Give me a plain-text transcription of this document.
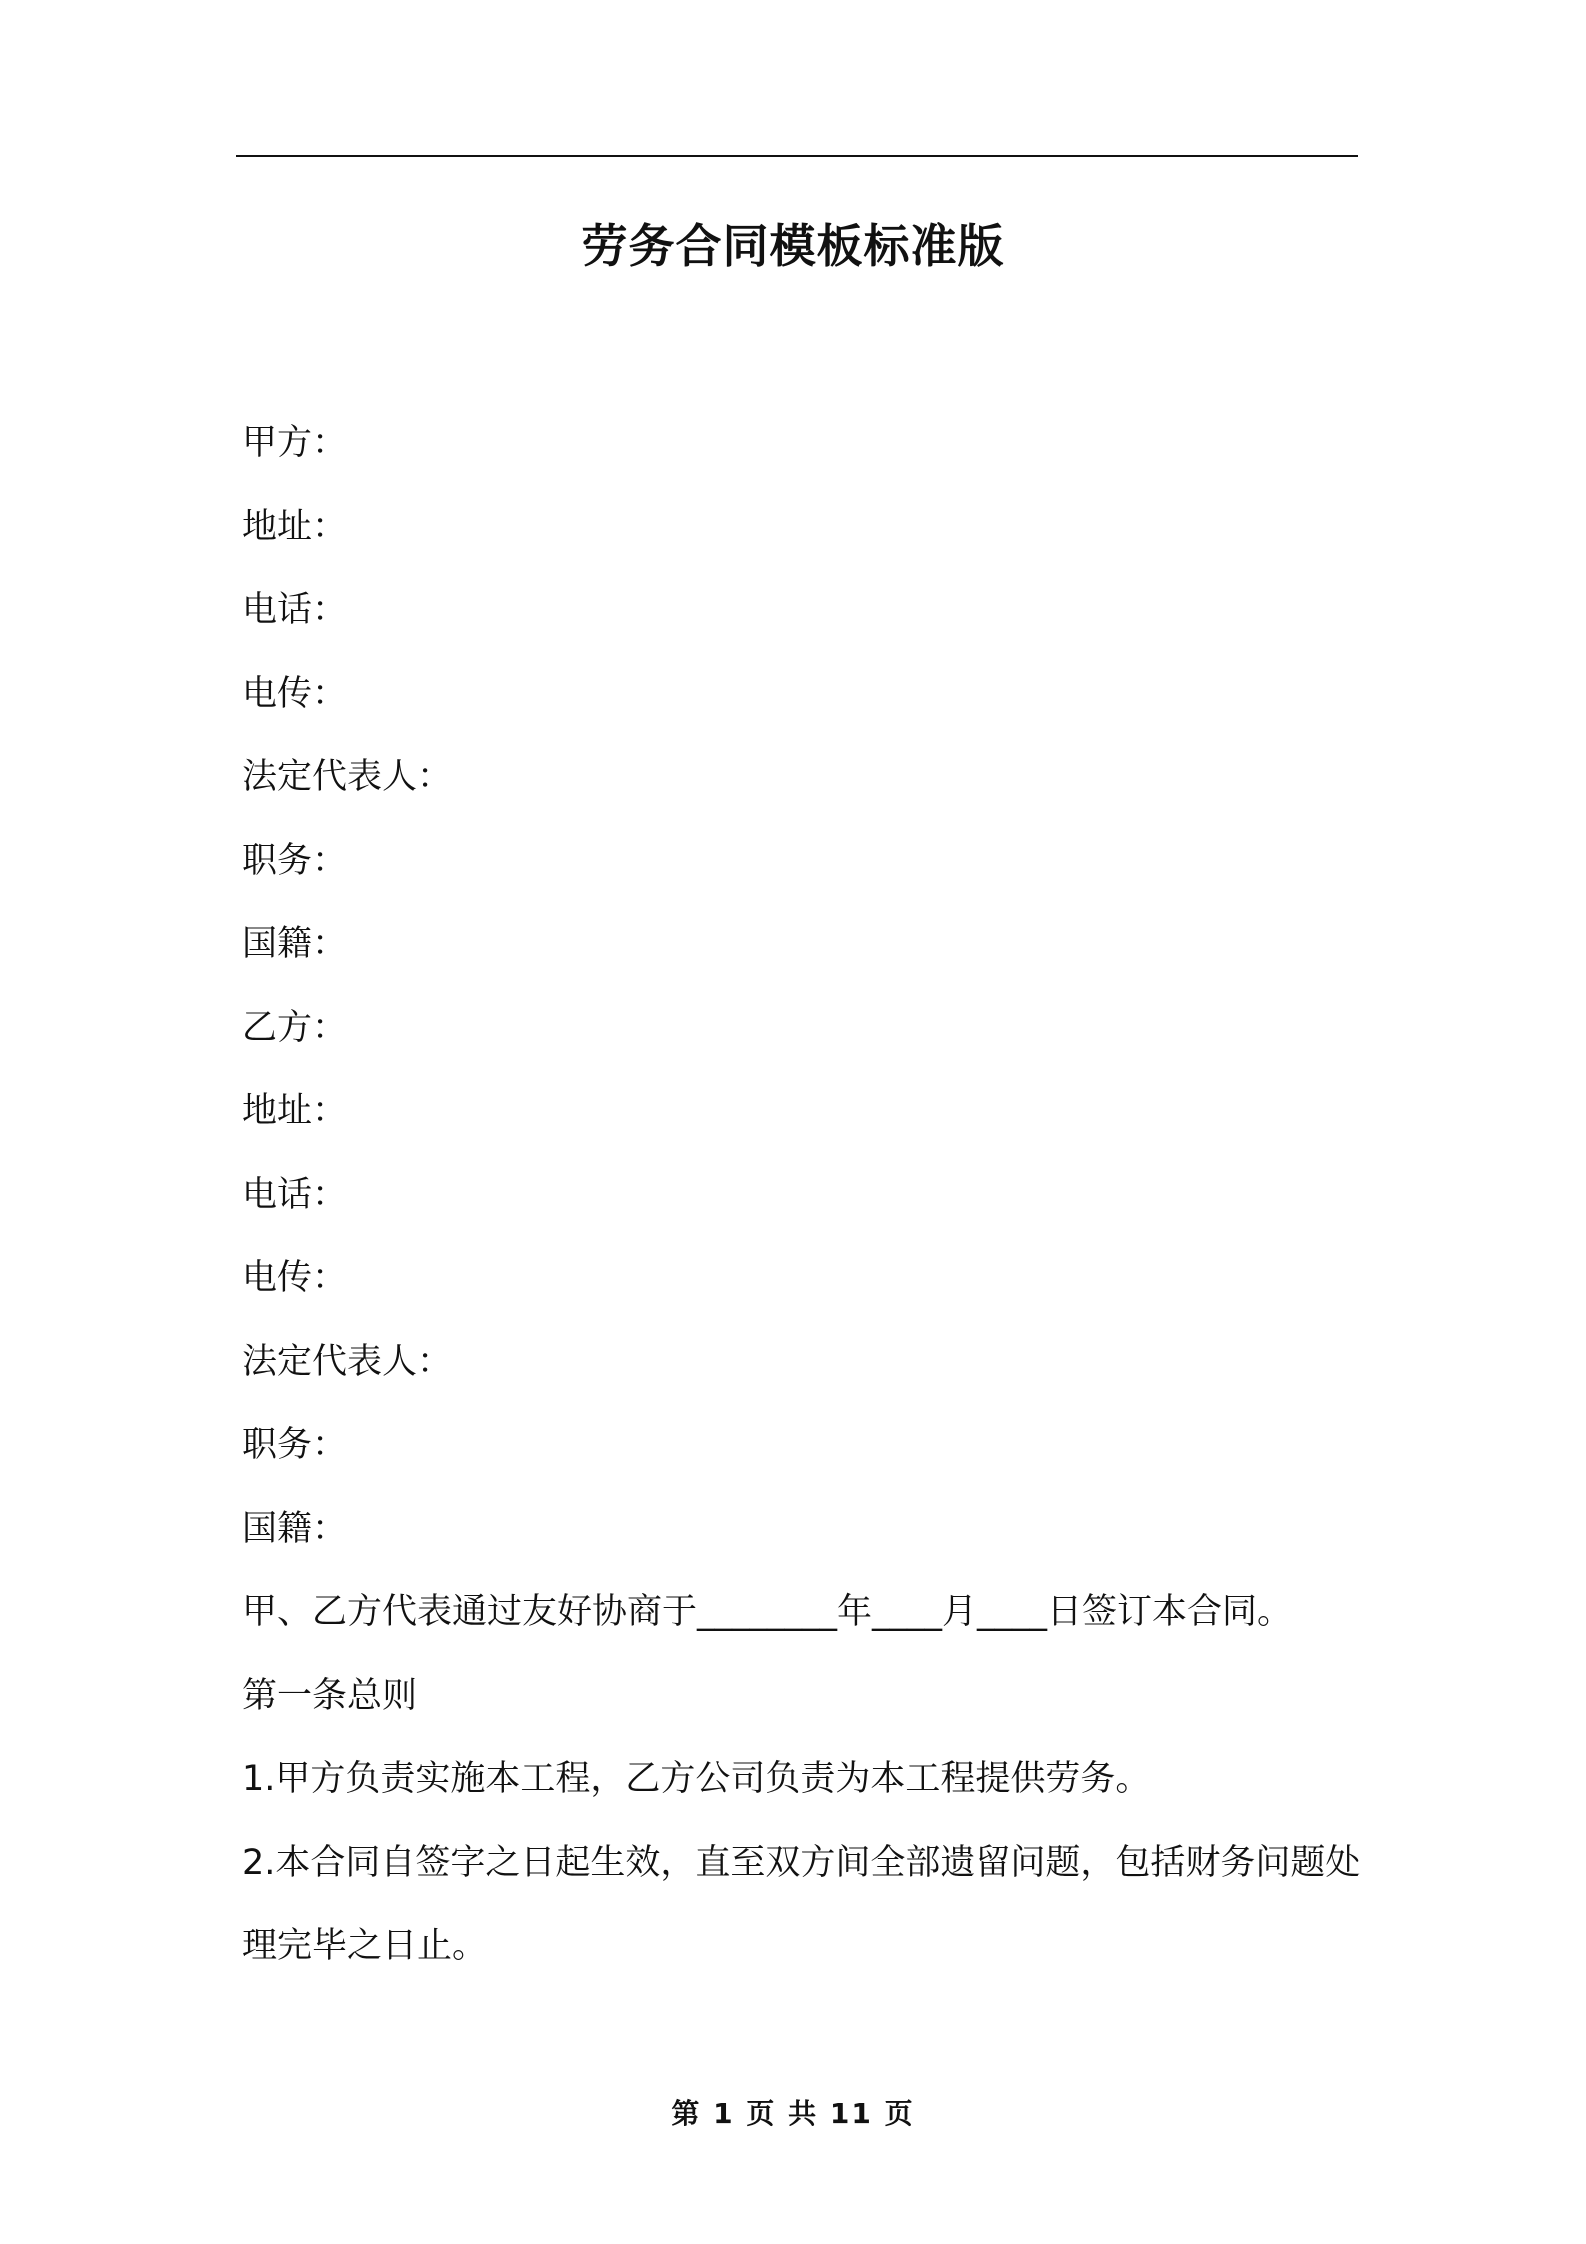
劳务合同模板标准版
甲方：
地址：
电话：
电传：
法定代表人：
职务：
国籍：
乙方：
地址：
电话：
电传：
法定代表人：
职务：
国籍：
甲、乙方代表通过友好协商于________年____月____日签订本合同。
第一条总则
1.甲方负责实施本工程，乙方公司负责为本工程提供劳务。
2.本合同自签字之日起生效，直至双方间全部遗留问题，包括财务问题处理完毕之日止。
第 1 页 共 11 页
